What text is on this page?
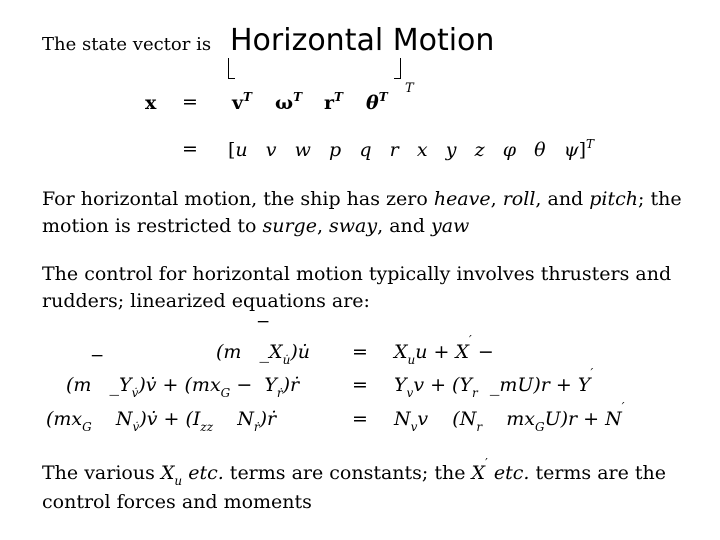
The state vector is Horizontal Motion
$x = v^T$ $\omega^T$ $r^T$ $\theta^T$
T
= [u v w p q r x y z φ θ ψ]$^T$

For horizontal motion, the ship has zero heave, roll, and pitch; the motion is restricted to surge, sway, and yaw

The control for horizontal motion typically involves thrusters and rudders; linearized equations are:

−
−	(m   $\_X_{u̇})u̇ = X_uu + X'$ −
(m   $\_Y_{v̇})v̇ + (mx_G$ −  $Y_ṙ)ṙ$	= $Y_vv + (Y_r$  _mU)r + Y′
($mx_G$    $N_{v̇})v̇ + (I_{zz}$    $N_ṙ)ṙ$	= $N_vv$    ($N_r$    $mx_GU)r + N'$

The various $X_u$ etc. terms are constants; the X′ etc. terms are the control forces and moments
